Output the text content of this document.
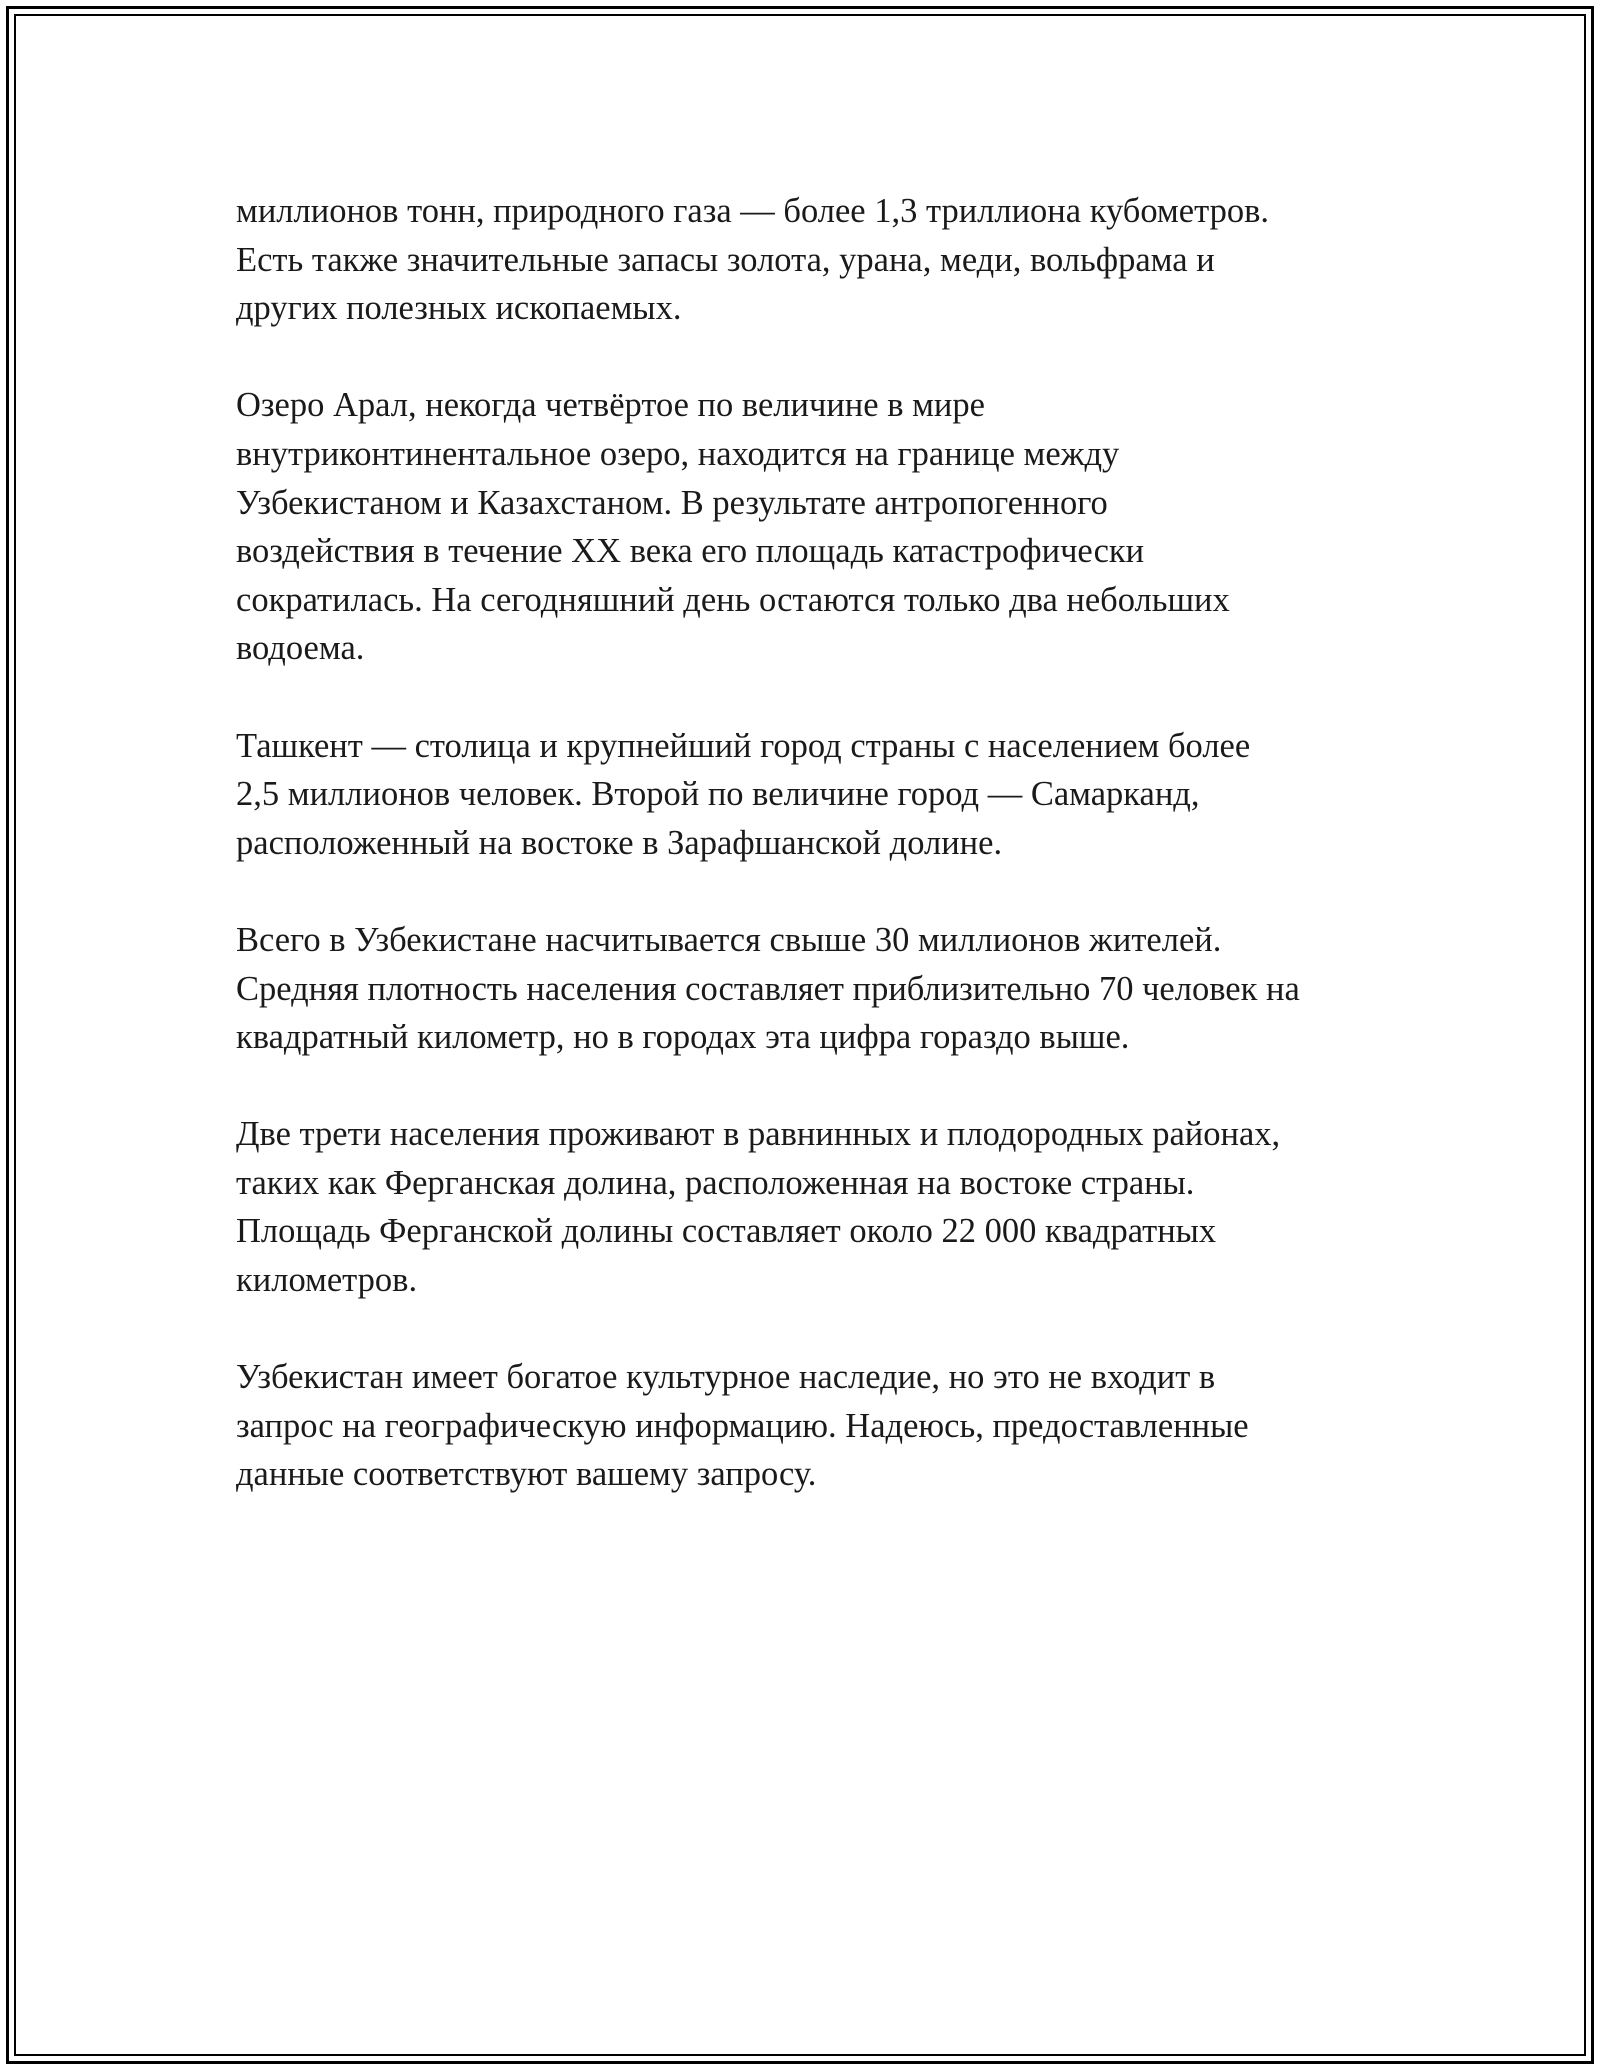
миллионов тонн, природного газа — более 1,3 триллиона кубометров.
Есть также значительные запасы золота, урана, меди, вольфрама и
других полезных ископаемых.
Озеро Арал, некогда четвёртое по величине в мире
внутриконтинентальное озеро, находится на границе между
Узбекистаном и Казахстаном. В результате антропогенного
воздействия в течение XX века его площадь катастрофически
сократилась. На сегодняшний день остаются только два небольших
водоема.
Ташкент — столица и крупнейший город страны с населением более
2,5 миллионов человек. Второй по величине город — Самарканд,
расположенный на востоке в Зарафшанской долине.
Всего в Узбекистане насчитывается свыше 30 миллионов жителей.
Средняя плотность населения составляет приблизительно 70 человек на
квадратный километр, но в городах эта цифра гораздо выше.
Две трети населения проживают в равнинных и плодородных районах,
таких как Ферганская долина, расположенная на востоке страны.
Площадь Ферганской долины составляет около 22 000 квадратных
километров.
Узбекистан имеет богатое культурное наследие, но это не входит в
запрос на географическую информацию. Надеюсь, предоставленные
данные соответствуют вашему запросу.
